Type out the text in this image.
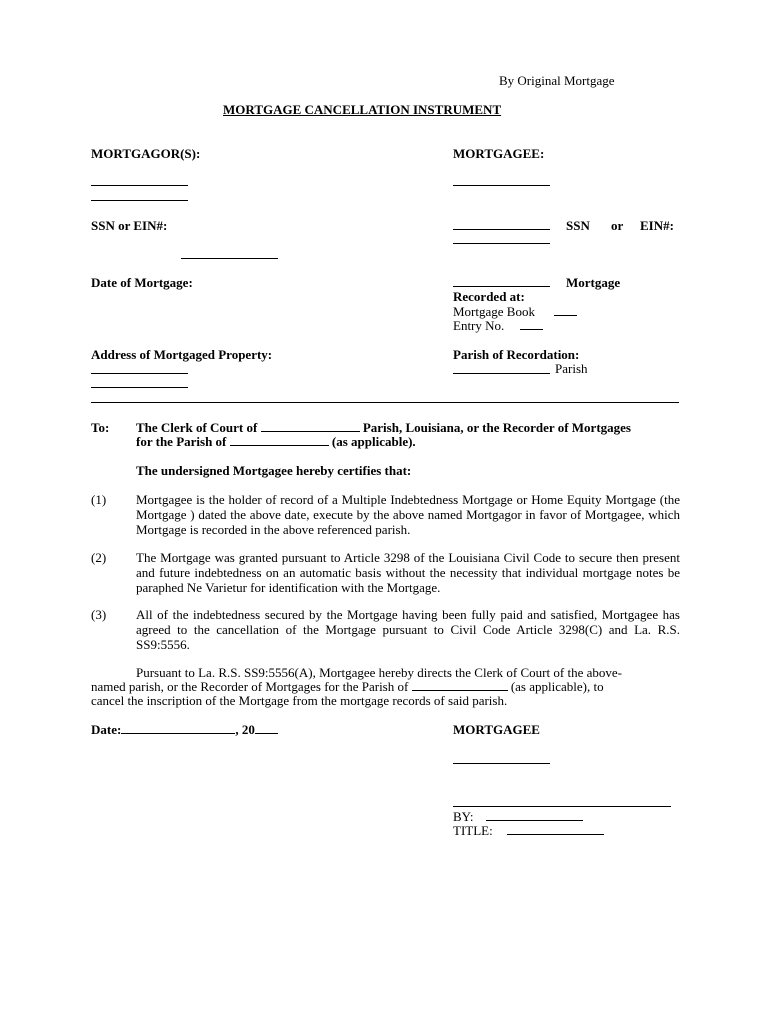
By Original Mortgage
MORTGAGE CANCELLATION INSTRUMENT
MORTGAGOR(S):	MORTGAGEE:
SSN or EIN#:	SSN or EIN#:
Date of Mortgage:	Mortgage
Recorded at:
Mortgage Book
Entry No.
Address of Mortgaged Property:	Parish of Recordation:
Parish
To: The Clerk of Court of	Parish, Louisiana, or the Recorder of Mortgages
for the Parish of	(as applicable).
The undersigned Mortgagee hereby certifies that:
(1) Mortgagee is the holder of record of a Multiple Indebtedness Mortgage or Home Equity Mortgage (the Mortgage ) dated the above date, execute by the above named Mortgagor in favor of Mortgagee, which Mortgage is recorded in the above referenced parish.
(2) The Mortgage was granted pursuant to Article 3298 of the Louisiana Civil Code to secure then present and future indebtedness on an automatic basis without the necessity that individual mortgage notes be paraphed Ne Varietur for identification with the Mortgage.
(3) All of the indebtedness secured by the Mortgage having been fully paid and satisfied, Mortgagee has agreed to the cancellation of the Mortgage pursuant to Civil Code Article 3298(C) and La. R.S. SS9:5556.
Pursuant to La. R.S. SS9:5556(A), Mortgagee hereby directs the Clerk of Court of the above-
named parish, or the Recorder of Mortgages for the Parish of	(as applicable), to
cancel the inscription of the Mortgage from the mortgage records of said parish.
Date:	, 20	MORTGAGEE
BY:
TITLE:
